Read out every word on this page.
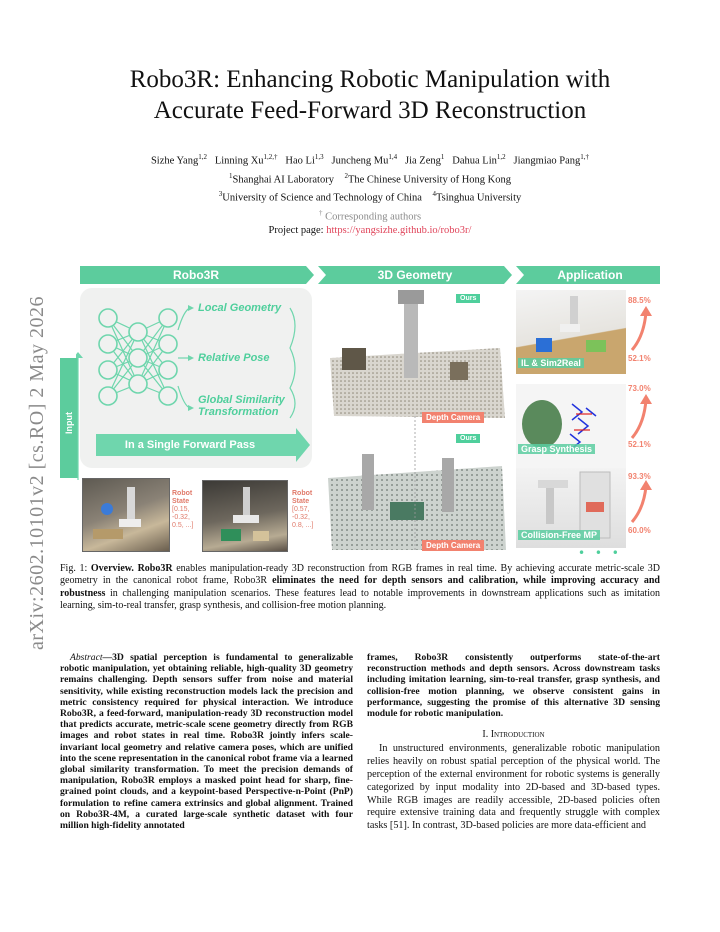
arXiv:2602.10101v2 [cs.RO] 2 May 2026
Robo3R: Enhancing Robotic Manipulation with
Accurate Feed-Forward 3D Reconstruction
Sizhe Yang$^{1,2}$ Linning $Xu^{1,2,\dagger}$ Hao Li$^{1,3}$ Juncheng Mu$^{1,4}$ Jia Zeng$^1$ Dahua Lin$^{1,2}$ Jiangmiao Pang$^{1,\dagger}$
$^1$Shanghai AI Laboratory $^2$The Chinese University of Hong Kong
$^3$University of Science and Technology of China $^4$Tsinghua University
† Corresponding authors
Project page: https://yangsizhe.github.io/robo3r/
Robo3R	3D Geometry	Application
Local Geometry
Relative Pose
Global Similarity
Transformation
In a Single Forward Pass
Input
Robot
State
[0.15,
-0.32,
0.5, ...]
Robot
State
[0.57,
-0.32,
0.8, ...]
Ours
Depth Camera
Ours
Depth Camera
IL & Sim2Real
88.5%
52.1%
Grasp Synthesis
73.0%
52.1%
Collision-Free MP
93.3%
60.0%
• • •
Fig. 1: Overview. Robo3R enables manipulation-ready 3D reconstruction from RGB frames in real time. By achieving accurate metric-scale 3D geometry in the canonical robot frame, Robo3R eliminates the need for depth sensors and calibration, while improving accuracy and robustness in challenging manipulation scenarios. These features lead to notable improvements in downstream applications such as imitation learning, sim-to-real transfer, grasp synthesis, and collision-free motion planning.
Abstract—3D spatial perception is fundamental to generalizable robotic manipulation, yet obtaining reliable, high-quality 3D geometry remains challenging. Depth sensors suffer from noise and material sensitivity, while existing reconstruction models lack the precision and metric consistency required for physical interaction. We introduce Robo3R, a feed-forward, manipulation-ready 3D reconstruction model that predicts accurate, metric-scale scene geometry directly from RGB images and robot states in real time. Robo3R jointly infers scale-invariant local geometry and relative camera poses, which are unified into the scene representation in the canonical robot frame via a learned global similarity transformation. To meet the precision demands of manipulation, Robo3R employs a masked point head for sharp, fine-grained point clouds, and a keypoint-based Perspective-n-Point (PnP) formulation to refine camera extrinsics and global alignment. Trained on Robo3R-4M, a curated large-scale synthetic dataset with four million high-fidelity annotated
frames, Robo3R consistently outperforms state-of-the-art reconstruction methods and depth sensors. Across downstream tasks including imitation learning, sim-to-real transfer, grasp synthesis, and collision-free motion planning, we observe consistent gains in performance, suggesting the promise of this alternative 3D sensing module for robotic manipulation.
I. Introduction
In unstructured environments, generalizable robotic manipulation relies heavily on robust spatial perception of the physical world. The perception of the external environment for robotic systems is generally categorized by input modality into 2D-based and 3D-based types. While RGB images are readily accessible, 2D-based policies often require extensive training data and frequently struggle with complex tasks [51]. In contrast, 3D-based policies are more data-efficient and
